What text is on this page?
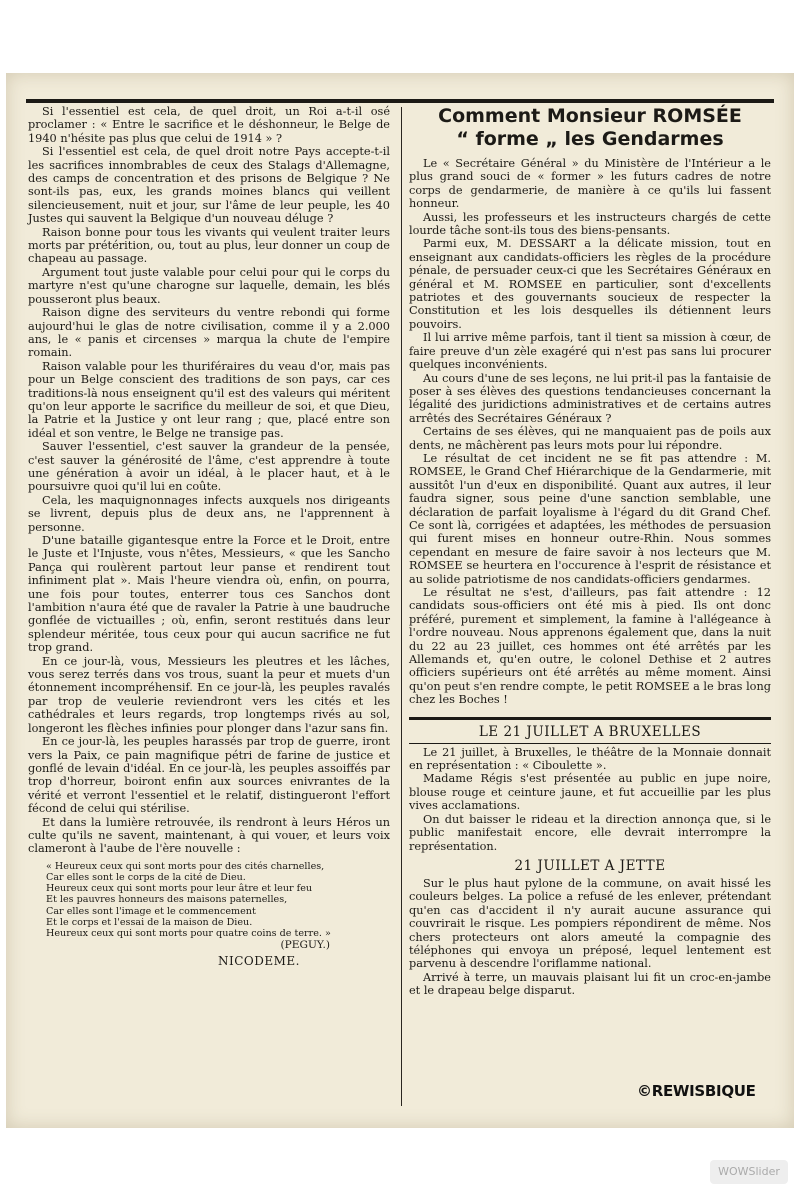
Si l'essentiel est cela, de quel droit, un Roi a-t-il osé proclamer : « Entre le sacrifice et le déshonneur, le Belge de 1940 n'hésite pas plus que celui de 1914 » ?

Si l'essentiel est cela, de quel droit notre Pays accepte-t-il les sacrifices innombrables de ceux des Stalags d'Allemagne, des camps de concentration et des prisons de Belgique ? Ne sont-ils pas, eux, les grands moines blancs qui veillent silencieusement, nuit et jour, sur l'âme de leur peuple, les 40 Justes qui sauvent la Belgique d'un nouveau déluge ?

Raison bonne pour tous les vivants qui veulent traiter leurs morts par prétérition, ou, tout au plus, leur donner un coup de chapeau au passage.

Argument tout juste valable pour celui pour qui le corps du martyre n'est qu'une charogne sur laquelle, demain, les blés pousseront plus beaux.

Raison digne des serviteurs du ventre rebondi qui forme aujourd'hui le glas de notre civilisation, comme il y a 2.000 ans, le « panis et circenses » marqua la chute de l'empire romain.

Raison valable pour les thuriféraires du veau d'or, mais pas pour un Belge conscient des traditions de son pays, car ces traditions-là nous enseignent qu'il est des valeurs qui méritent qu'on leur apporte le sacrifice du meilleur de soi, et que Dieu, la Patrie et la Justice y ont leur rang ; que, placé entre son idéal et son ventre, le Belge ne transige pas.

Sauver l'essentiel, c'est sauver la grandeur de la pensée, c'est sauver la générosité de l'âme, c'est apprendre à toute une génération à avoir un idéal, à le placer haut, et à le poursuivre quoi qu'il lui en coûte.

Cela, les maquignonnages infects auxquels nos dirigeants se livrent, depuis plus de deux ans, ne l'apprennent à personne.

D'une bataille gigantesque entre la Force et le Droit, entre le Juste et l'Injuste, vous n'êtes, Messieurs, « que les Sancho Pança qui roulèrent partout leur panse et rendirent tout infiniment plat ». Mais l'heure viendra où, enfin, on pourra, une fois pour toutes, enterrer tous ces Sanchos dont l'ambition n'aura été que de ravaler la Patrie à une baudruche gonflée de victuailles ; où, enfin, seront restitués dans leur splendeur méritée, tous ceux pour qui aucun sacrifice ne fut trop grand.

En ce jour-là, vous, Messieurs les pleutres et les lâches, vous serez terrés dans vos trous, suant la peur et muets d'un étonnement incompréhensif. En ce jour-là, les peuples ravalés par trop de veulerie reviendront vers les cités et les cathédrales et leurs regards, trop longtemps rivés au sol, longeront les flèches infinies pour plonger dans l'azur sans fin.

En ce jour-là, les peuples harassés par trop de guerre, iront vers la Paix, ce pain magnifique pétri de farine de justice et gonflé de levain d'idéal. En ce jour-là, les peuples assoiffés par trop d'horreur, boiront enfin aux sources enivrantes de la vérité et verront l'essentiel et le relatif, distingueront l'effort fécond de celui qui stérilise.

Et dans la lumière retrouvée, ils rendront à leurs Héros un culte qu'ils ne savent, maintenant, à qui vouer, et leurs voix clameront à l'aube de l'ère nouvelle :

« Heureux ceux qui sont morts pour des cités charnelles,
Car elles sont le corps de la cité de Dieu.
Heureux ceux qui sont morts pour leur âtre et leur feu
Et les pauvres honneurs des maisons paternelles,
Car elles sont l'image et le commencement
Et le corps et l'essai de la maison de Dieu.
Heureux ceux qui sont morts pour quatre coins de terre. »
(PEGUY.)
NICODEME.
Comment Monsieur ROMSÉE
“ forme „ les Gendarmes

Le « Secrétaire Général » du Ministère de l'Intérieur a le plus grand souci de « former » les futurs cadres de notre corps de gendarmerie, de manière à ce qu'ils lui fassent honneur.

Aussi, les professeurs et les instructeurs chargés de cette lourde tâche sont-ils tous des biens-pensants.

Parmi eux, M. DESSART a la délicate mission, tout en enseignant aux candidats-officiers les règles de la procédure pénale, de persuader ceux-ci que les Secrétaires Généraux en général et M. ROMSEE en particulier, sont d'excellents patriotes et des gouvernants soucieux de respecter la Constitution et les lois desquelles ils détiennent leurs pouvoirs.

Il lui arrive même parfois, tant il tient sa mission à cœur, de faire preuve d'un zèle exagéré qui n'est pas sans lui procurer quelques inconvénients.

Au cours d'une de ses leçons, ne lui prit-il pas la fantaisie de poser à ses élèves des questions tendancieuses concernant la légalité des juridictions administratives et de certains autres arrêtés des Secrétaires Généraux ?

Certains de ses élèves, qui ne manquaient pas de poils aux dents, ne mâchèrent pas leurs mots pour lui répondre.

Le résultat de cet incident ne se fit pas attendre : M. ROMSEE, le Grand Chef Hiérarchique de la Gendarmerie, mit aussitôt l'un d'eux en disponibilité. Quant aux autres, il leur faudra signer, sous peine d'une sanction semblable, une déclaration de parfait loyalisme à l'égard du dit Grand Chef. Ce sont là, corrigées et adaptées, les méthodes de persuasion qui furent mises en honneur outre-Rhin. Nous sommes cependant en mesure de faire savoir à nos lecteurs que M. ROMSEE se heurtera en l'occurence à l'esprit de résistance et au solide patriotisme de nos candidats-officiers gendarmes.

Le résultat ne s'est, d'ailleurs, pas fait attendre : 12 candidats sous-officiers ont été mis à pied. Ils ont donc préféré, purement et simplement, la famine à l'allégeance à l'ordre nouveau. Nous apprenons également que, dans la nuit du 22 au 23 juillet, ces hommes ont été arrêtés par les Allemands et, qu'en outre, le colonel Dethise et 2 autres officiers supérieurs ont été arrêtés au même moment. Ainsi qu'on peut s'en rendre compte, le petit ROMSEE a le bras long chez les Boches !

LE 21 JUILLET A BRUXELLES

Le 21 juillet, à Bruxelles, le théâtre de la Monnaie donnait en représentation : « Ciboulette ».

Madame Régis s'est présentée au public en jupe noire, blouse rouge et ceinture jaune, et fut accueillie par les plus vives acclamations.

On dut baisser le rideau et la direction annonça que, si le public manifestait encore, elle devrait interrompre la représentation.

21 JUILLET A JETTE

Sur le plus haut pylone de la commune, on avait hissé les couleurs belges. La police a refusé de les enlever, prétendant qu'en cas d'accident il n'y aurait aucune assurance qui couvrirait le risque. Les pompiers répondirent de même. Nos chers protecteurs ont alors ameuté la compagnie des téléphones qui envoya un préposé, lequel lentement est parvenu à descendre l'oriflamme national.

Arrivé à terre, un mauvais plaisant lui fit un croc-en-jambe et le drapeau belge disparut.

©REWISBIQUE
WOWSlider
